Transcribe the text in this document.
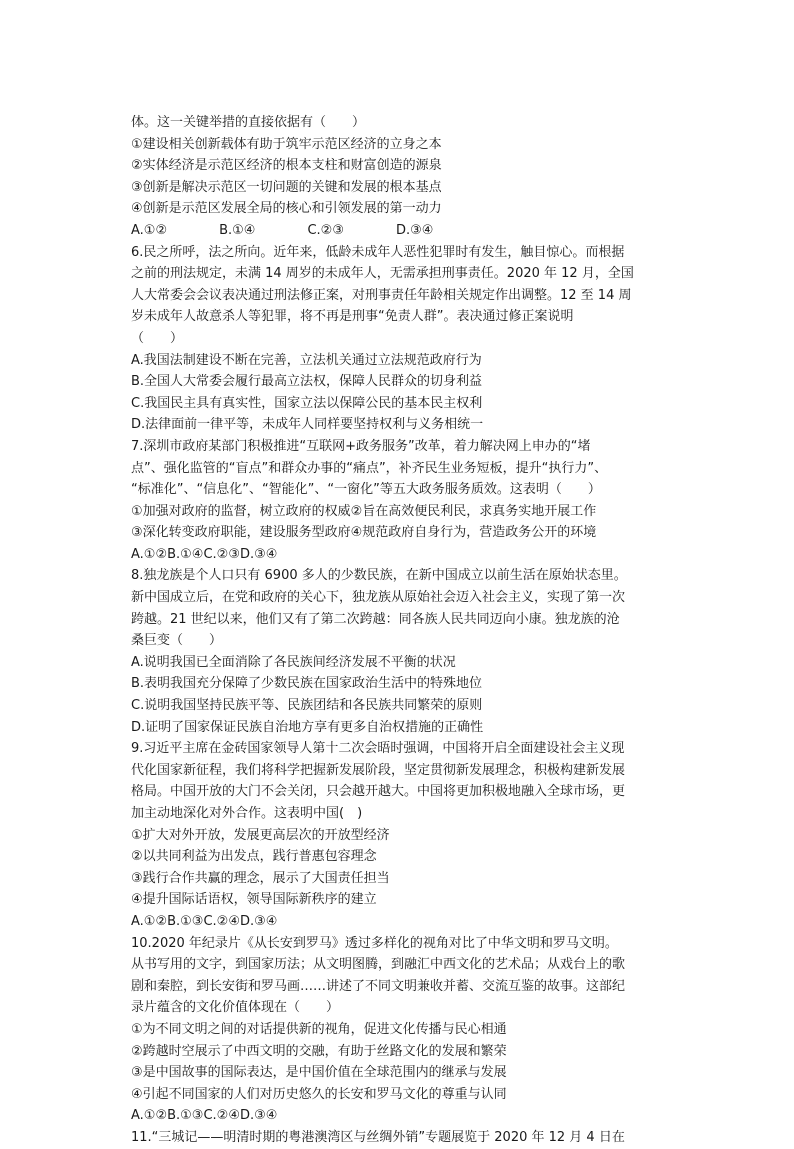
体。这一关键举措的直接依据有（　　）
①建设相关创新载体有助于筑牢示范区经济的立身之本
②实体经济是示范区经济的根本支柱和财富创造的源泉
③创新是解决示范区一切问题的关键和发展的根本基点
④创新是示范区发展全局的核心和引领发展的第一动力
A.①②　　　　B.①④　　　　C.②③　　　　D.③④
6.民之所呼，法之所向。近年来，低龄未成年人恶性犯罪时有发生，触目惊心。而根据
之前的刑法规定，未满 14 周岁的未成年人，无需承担刑事责任。2020 年 12 月，全国
人大常委会会议表决通过刑法修正案，对刑事责任年龄相关规定作出调整。12 至 14 周
岁未成年人故意杀人等犯罪，将不再是刑事“免责人群”。表决通过修正案说明
（　　）
A.我国法制建设不断在完善，立法机关通过立法规范政府行为
B.全国人大常委会履行最高立法权，保障人民群众的切身利益
C.我国民主具有真实性，国家立法以保障公民的基本民主权利
D.法律面前一律平等，未成年人同样要坚持权利与义务相统一
7.深圳市政府某部门积极推进“互联网+政务服务”改革，着力解决网上申办的“堵
点”、强化监管的“盲点”和群众办事的“痛点”，补齐民生业务短板，提升“执行力”、
“标准化”、“信息化”、“智能化”、“一窗化”等五大政务服务质效。这表明（　　）
①加强对政府的监督，树立政府的权威②旨在高效便民利民，求真务实地开展工作
③深化转变政府职能，建设服务型政府④规范政府自身行为，营造政务公开的环境
A.①②B.①④C.②③D.③④
8.独龙族是个人口只有 6900 多人的少数民族，在新中国成立以前生活在原始状态里。
新中国成立后，在党和政府的关心下，独龙族从原始社会迈入社会主义，实现了第一次
跨越。21 世纪以来，他们又有了第二次跨越：同各族人民共同迈向小康。独龙族的沧
桑巨变（　　）
A.说明我国已全面消除了各民族间经济发展不平衡的状况
B.表明我国充分保障了少数民族在国家政治生活中的特殊地位
C.说明我国坚持民族平等、民族团结和各民族共同繁荣的原则
D.证明了国家保证民族自治地方享有更多自治权措施的正确性
9.习近平主席在金砖国家领导人第十二次会晤时强调，中国将开启全面建设社会主义现
代化国家新征程，我们将科学把握新发展阶段，坚定贯彻新发展理念，积极构建新发展
格局。中国开放的大门不会关闭，只会越开越大。中国将更加积极地融入全球市场，更
加主动地深化对外合作。这表明中国(　)
①扩大对外开放，发展更高层次的开放型经济
②以共同利益为出发点，践行普惠包容理念
③践行合作共赢的理念，展示了大国责任担当
④提升国际话语权，领导国际新秩序的建立
A.①②B.①③C.②④D.③④
10.2020 年纪录片《从长安到罗马》透过多样化的视角对比了中华文明和罗马文明。
从书写用的文字，到国家历法；从文明图腾，到融汇中西文化的艺术品；从戏台上的歌
剧和秦腔，到长安街和罗马画……讲述了不同文明兼收并蓄、交流互鉴的故事。这部纪
录片蕴含的文化价值体现在（　　）
①为不同文明之间的对话提供新的视角，促进文化传播与民心相通
②跨越时空展示了中西文明的交融，有助于丝路文化的发展和繁荣
③是中国故事的国际表达，是中国价值在全球范围内的继承与发展
④引起不同国家的人们对历史悠久的长安和罗马文化的尊重与认同
A.①②B.①③C.②④D.③④
11.“三城记——明清时期的粤港澳湾区与丝绸外销”专题展览于 2020 年 12 月 4 日在
